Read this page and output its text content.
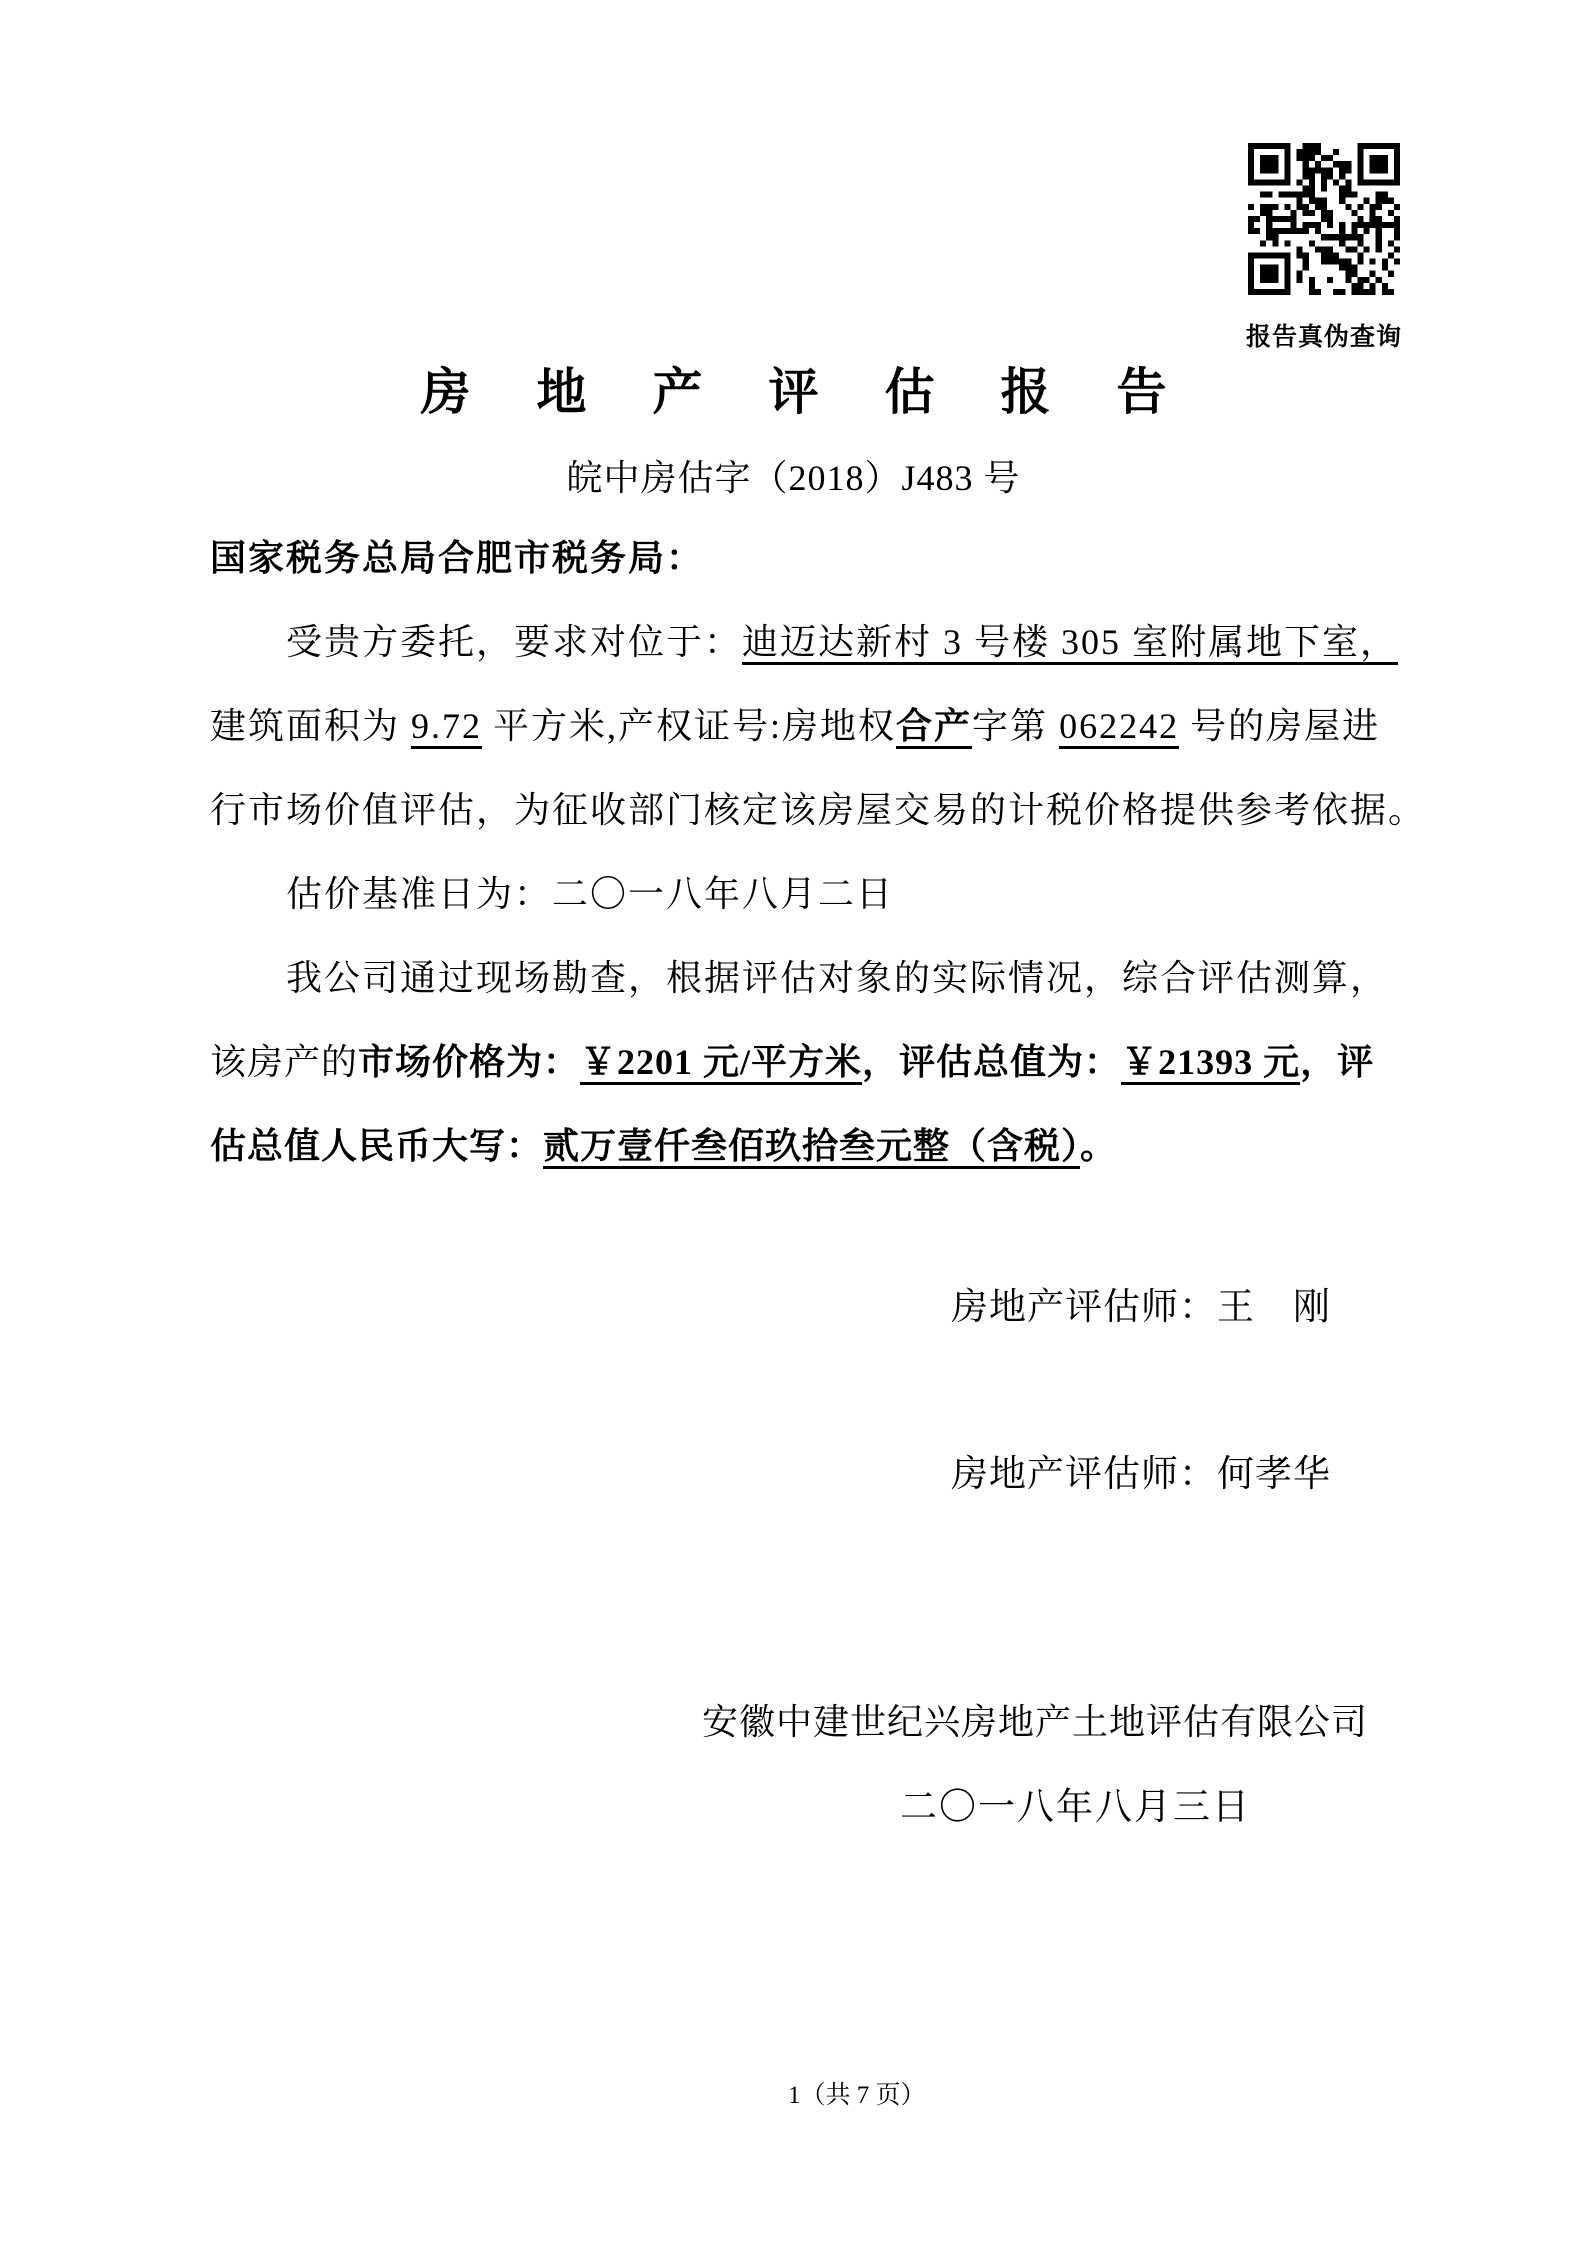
报告真伪查询
房地产评估报告
皖中房估字（2018）J483 号
国家税务总局合肥市税务局：
受贵方委托，要求对位于：迪迈达新村 3 号楼 305 室附属地下室，
建筑面积为 9.72 平方米,产权证号:房地权合产字第 062242 号的房屋进
行市场价值评估，为征收部门核定该房屋交易的计税价格提供参考依据。
估价基准日为：二〇一八年八月二日
我公司通过现场勘查，根据评估对象的实际情况，综合评估测算，
该房产的市场价格为：￥2201 元/平方米，评估总值为：￥21393 元，评
估总值人民币大写：贰万壹仟叁佰玖拾叁元整（含税）。
房地产评估师：王　刚
房地产评估师：何孝华
安徽中建世纪兴房地产土地评估有限公司
二〇一八年八月三日
1（共 7 页）
